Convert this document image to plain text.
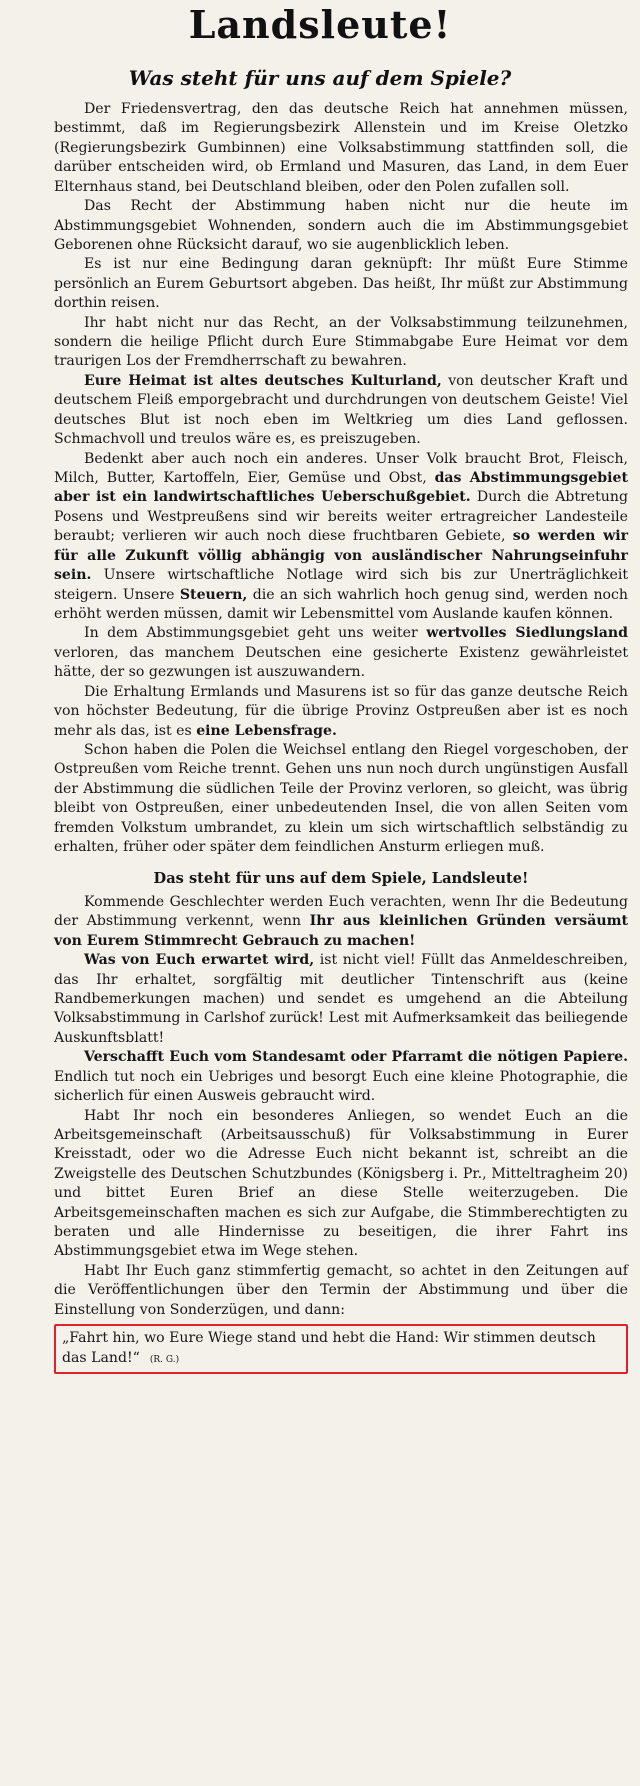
Landsleute!
Was steht für uns auf dem Spiele?

Der Friedensvertrag, den das deutsche Reich hat annehmen müssen, bestimmt, daß im Regierungsbezirk Allenstein und im Kreise Oletzko (Regierungsbezirk Gumbinnen) eine Volksabstimmung stattfinden soll, die darüber entscheiden wird, ob Ermland und Masuren, das Land, in dem Euer Elternhaus stand, bei Deutschland bleiben, oder den Polen zufallen soll.

Das Recht der Abstimmung haben nicht nur die heute im Abstimmungsgebiet Wohnenden, sondern auch die im Abstimmungsgebiet Geborenen ohne Rücksicht darauf, wo sie augenblicklich leben.

Es ist nur eine Bedingung daran geknüpft: Ihr müßt Eure Stimme persönlich an Eurem Geburtsort abgeben. Das heißt, Ihr müßt zur Abstimmung dorthin reisen.

Ihr habt nicht nur das Recht, an der Volksabstimmung teilzunehmen, sondern die heilige Pflicht durch Eure Stimmabgabe Eure Heimat vor dem traurigen Los der Fremdherrschaft zu bewahren.

Eure Heimat ist altes deutsches Kulturland, von deutscher Kraft und deutschem Fleiß emporgebracht und durchdrungen von deutschem Geiste! Viel deutsches Blut ist noch eben im Weltkrieg um dies Land geflossen. Schmachvoll und treulos wäre es, es preiszugeben.

Bedenkt aber auch noch ein anderes. Unser Volk braucht Brot, Fleisch, Milch, Butter, Kartoffeln, Eier, Gemüse und Obst, das Abstimmungsgebiet aber ist ein landwirtschaftliches Ueberschußgebiet. Durch die Abtretung Posens und Westpreußens sind wir bereits weiter ertragreicher Landesteile beraubt; verlieren wir auch noch diese fruchtbaren Gebiete, so werden wir für alle Zukunft völlig abhängig von ausländischer Nahrungseinfuhr sein. Unsere wirtschaftliche Notlage wird sich bis zur Unerträglichkeit steigern. Unsere Steuern, die an sich wahrlich hoch genug sind, werden noch erhöht werden müssen, damit wir Lebensmittel vom Auslande kaufen können.

In dem Abstimmungsgebiet geht uns weiter wertvolles Siedlungsland verloren, das manchem Deutschen eine gesicherte Existenz gewährleistet hätte, der so gezwungen ist auszuwandern.

Die Erhaltung Ermlands und Masurens ist so für das ganze deutsche Reich von höchster Bedeutung, für die übrige Provinz Ostpreußen aber ist es noch mehr als das, ist es eine Lebensfrage.

Schon haben die Polen die Weichsel entlang den Riegel vorgeschoben, der Ostpreußen vom Reiche trennt. Gehen uns nun noch durch ungünstigen Ausfall der Abstimmung die südlichen Teile der Provinz verloren, so gleicht, was übrig bleibt von Ostpreußen, einer unbedeutenden Insel, die von allen Seiten vom fremden Volkstum umbrandet, zu klein um sich wirtschaftlich selbständig zu erhalten, früher oder später dem feindlichen Ansturm erliegen muß.

Das steht für uns auf dem Spiele, Landsleute!

Kommende Geschlechter werden Euch verachten, wenn Ihr die Bedeutung der Abstimmung verkennt, wenn Ihr aus kleinlichen Gründen versäumt von Eurem Stimmrecht Gebrauch zu machen!

Was von Euch erwartet wird, ist nicht viel! Füllt das Anmeldeschreiben, das Ihr erhaltet, sorgfältig mit deutlicher Tintenschrift aus (keine Randbemerkungen machen) und sendet es umgehend an die Abteilung Volksabstimmung in Carlshof zurück! Lest mit Aufmerksamkeit das beiliegende Auskunftsblatt!

Verschafft Euch vom Standesamt oder Pfarramt die nötigen Papiere. Endlich tut noch ein Uebriges und besorgt Euch eine kleine Photographie, die sicherlich für einen Ausweis gebraucht wird.

Habt Ihr noch ein besonderes Anliegen, so wendet Euch an die Arbeitsgemeinschaft (Arbeitsausschuß) für Volksabstimmung in Eurer Kreisstadt, oder wo die Adresse Euch nicht bekannt ist, schreibt an die Zweigstelle des Deutschen Schutzbundes (Königsberg i. Pr., Mitteltragheim 20) und bittet Euren Brief an diese Stelle weiterzugeben. Die Arbeitsgemeinschaften machen es sich zur Aufgabe, die Stimmberechtigten zu beraten und alle Hindernisse zu beseitigen, die ihrer Fahrt ins Abstimmungsgebiet etwa im Wege stehen.

Habt Ihr Euch ganz stimmfertig gemacht, so achtet in den Zeitungen auf die Veröffentlichungen über den Termin der Abstimmung und über die Einstellung von Sonderzügen, und dann:

„Fahrt hin, wo Eure Wiege stand und hebt die Hand: Wir stimmen deutsch das Land!“ (R. G.)
